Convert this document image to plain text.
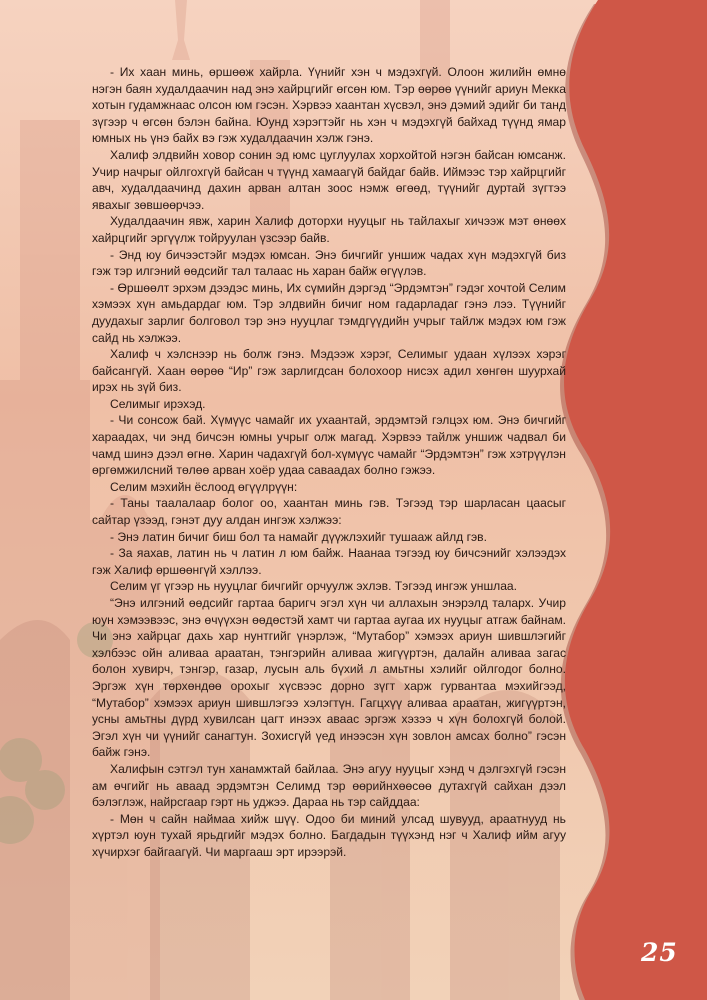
- Их хаан минь, өршөөж хайрла. Үүнийг хэн ч мэдэхгүй. Олоон жилийн өмнө нэгэн баян худалдаачин над энэ хайрцгийг өгсөн юм. Тэр өөрөө үүнийг ариун Мекка хотын гудамжнаас олсон юм гэсэн. Хэрвээ хаантан хүсвэл, энэ дэмий эдийг би танд зүгээр ч өгсөн бэлэн байна. Юунд хэрэгтэйг нь хэн ч мэдэхгүй байхад түүнд ямар юмных нь үнэ байх вэ гэж худалдаачин хэлж гэнэ.

Халиф элдвийн ховор сонин эд юмс цуглуулах хорхойтой нэгэн байсан юмсанж. Учир начрыг ойлгохгүй байсан ч түүнд хамаагүй байдаг байв. Иймээс тэр хайрцгийг авч, худалдаачинд дахин арван алтан зоос нэмж өгөөд, түүнийг дуртай зүгтээ явахыг зөвшөөрчээ.

Худалдаачин явж, харин Халиф доторхи нууцыг нь тайлахыг хичээж мэт өнөөх хайрцгийг эргүүлж тойруулан үзсээр байв.

- Энд юу бичээстэйг мэдэх юмсан. Энэ бичгийг уншиж чадах хүн мэдэхгүй биз гэж тэр илгэний өөдсийг тал талаас нь харан байж өгүүлэв.

- Өршөөлт эрхэм дээдэс минь, Их сүмийн дэргэд “Эрдэмтэн” гэдэг хочтой Селим хэмээх хүн амьдардаг юм. Тэр элдвийн бичиг ном гадарладаг гэнэ лээ. Түүнийг дуудахыг зарлиг болговол тэр энэ нууцлаг тэмдгүүдийн учрыг тайлж мэдэх юм гэж сайд нь хэлжээ.

Халиф ч хэлснээр нь болж гэнэ. Мэдээж хэрэг, Селимыг удаан хүлээх хэрэг байсангүй. Хаан өөрөө “Ир” гэж зарлигдсан болохоор нисэх адил хөнгөн шуурхай ирэх нь зүй биз.

Селимыг ирэхэд.

- Чи сонсож бай. Хүмүүс чамайг их ухаантай, эрдэмтэй гэлцэх юм. Энэ бичгийг хараадах, чи энд бичсэн юмны учрыг олж магад. Хэрвээ тайлж уншиж чадвал би чамд шинэ дээл өгнө. Харин чадахгүй бол-хүмүүс чамайг “Эрдэмтэн” гэж хэтрүүлэн өргөмжилсний төлөө арван хоёр удаа саваадах болно гэжээ.

Селим мэхийн ёслоод өгүүлрүүн:

- Таны таалалаар болог оо, хаантан минь гэв. Тэгээд тэр шарласан цаасыг сайтар үзээд, гэнэт дуу алдан ингэж хэлжээ:

- Энэ латин бичиг биш бол та намайг дүүжлэхийг тушааж айлд гэв.

- За яахав, латин нь ч латин л юм байж. Наанаа тэгээд юу бичсэнийг хэлээдэх гэж Халиф өршөөнгүй хэллээ.

Селим үг үгээр нь нууцлаг бичгийг орчуулж эхлэв. Тэгээд ингэж уншлаа.

“Энэ илгэний өөдсийг гартаа баригч эгэл хүн чи аллахын энэрэлд таларх. Учир юун хэмээвээс, энэ өчүүхэн өөдөстэй хамт чи гартаа аугаа их нууцыг атгаж байнам. Чи энэ хайрцаг дахь хар нунтгийг үнэрлэж, “Мутабор” хэмээх ариун шившлэгийг хэлбээс ойн аливаа араатан, тэнгэрийн аливаа жигүүртэн, далайн аливаа загас болон хувирч, тэнгэр, газар, лусын аль бүхий л амьтны хэлийг ойлгодог болно. Эргэж хүн төрхөндөө орохыг хүсвээс дорно зүгт харж гурвантаа мэхийгээд, “Мутабор” хэмээх ариун шившлэгээ хэлэгтүн. Гагцхүү аливаа араатан, жигүүртэн, усны амьтны дүрд хувилсан цагт инээх аваас эргэж хэзээ ч хүн болохгүй болой. Эгэл хүн чи үүнийг санагтун. Зохисгүй үед инээсэн хүн зовлон амсах болно” гэсэн байж гэнэ.

Халифын сэтгэл тун ханамжтай байлаа. Энэ агуу нууцыг хэнд ч дэлгэхгүй гэсэн ам өчгийг нь аваад эрдэмтэн Селимд тэр өөрийнхөөсөө дутахгүй сайхан дээл бэлэглэж, найрсгаар гэрт нь уджээ. Дараа нь тэр сайддаа:

- Мөн ч сайн наймаа хийж шүү. Одоо би миний улсад шувууд, араатнууд нь хүртэл юун тухай ярьдгийг мэдэх болно. Багдадын түүхэнд нэг ч Халиф ийм агуу хүчирхэг байгаагүй. Чи маргааш эрт ирээрэй.

25
